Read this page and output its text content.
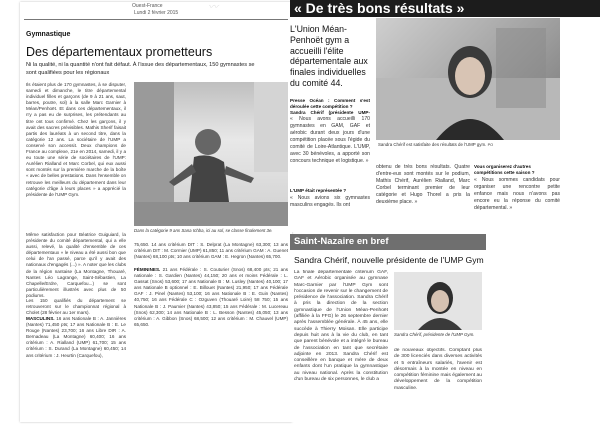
Ouest-France	〰
Lundi 2 février 2015
Gymnastique
Des départementaux prometteurs

Ni la qualité, ni la quantité n'ont fait défaut. À l'issue des départementaux, 150 gymnastes se sont qualifiées pour les régionaux

Ils étaient plus de 170 gymnastes, à se disputer, samedi et dimanche, le titre départemental individuel filles et garçons (de 9 à 21 ans, saut, barres, poutre, sol) à la salle Marc Garnier à Méan/Penhoët. Et dans ces départementaux, il n'y a pas eu de surprises, les prétendants au titre ont tous confirmé. Chez les garçons, il y avait des sacres prévisibles. Mathis Sherif faisait partis des lauréats à un second titre, dans la catégorie 12 ans. La sociétaire de l'UMP a conservé son accessit. Deux champions de France au complexe, 21e en 2014, samedi, il y a eu toute une série de sociétaires de l'UMP: Aurélien Rialland et Marc Corbel, qui eux aussi sont montés sur la première marche de la boîte « avec de belles prestations. Dans l'ensemble on retrouve les meilleurs du département dans leur catégorie d'âge à leurs places » a apprécié la présidente de l'UMP Gym.

Même satisfaction pour Béatrice Guiguiard, la présidente du comité départemental, qui a elle aussi, relevé, la qualité d'ensemble de ces départementaux « le niveau a été aussi bon que celui de l'an passé, parce qu'il y avait des nationaux d'engagés (...) ». A noter que les clubs de la région nantaise (La Montagne, Thouaré, Nantes Léo Lagrange, Saint-Sébastien, La Chapelle/Erdre, Carquefou...) se sont particulièrement illustrés avec plus de 50 podiums.

Les 150 qualifiés du département se retrouveront sur le championnat régional à Cholet (28 février au 1er mars).

MASCULINS. 16 ans Nationale B : A. Jannières (Nantes) 71,450 pts; 17 ans Nationale B : E. Le Rouge (Nantes) 23,700; 16 ans Libre DIR : A. Bernadeau (La Montagne) 60,400; 16 ans critérium : A. Rialland (UMP) 61,700; 15 ans critérium : S. Durand (La Montagne) 60,450; 14 ans critérium : J. Heurtin (Carquefou),

Dans la catégorie 9 ans Sana Ichba, ici au sol, se classe finalement 3e.

75,650. 14 ans critérium DIT : S. Delprat (La Montagne) 63,300; 13 ans critérium DIT : M. Cormier (UMP) 61,850; 11 ans critérium GAM : A. Guenet (Nantes) 68,100 pts; 10 ans critérium GAM : E. Hegron (Nantes) 65,700.

FÉMININES. 21 ans Fédérale : S. Couturier (Snos) 68,400 pts; 21 ans nationale : S. Gardien (Nantes) 44,150; 20 ans et moins Fédérale : L. Gassat (Snos) 53,600; 17 ans Nationale B : M. Lusley (Nantes) 40,100; 17 ans Nationale B optionnel : E. Billouet (Nantes) 21,950; 17 ans Fédérale GAF : J. Pinel (Nantes) 53,100; 16 ans Nationale B : E. Guin (Nantes) 40,750; 16 ans Fédérale C : Ozguven (Thouaré Loire) 58 750; 15 ans Nationale B : J. Paumier (Nantes) 43,850; 15 ans Fédérale : M. Lucereau (Snos) 62,300; 14 ans Nationale B : L. Besson (Nantes) 45,050; 13 ans critérium : A. Gibbon (Snos) 68,500; 12 ans critérium : M. Chauvel (UMP) 65,650.

« De très bons résultats »

L'Union Méan-Penhoët gym a accueilli l'élite départementale aux finales individuelles du comité 44.

Sandra Chérif est satisfaite des résultats de l'UMP gym. PO

Presse Océan : Comment s'est déroulée cette compétition ?

Sandra Chérif (présidente UMP-

« Nous avons accueilli 170 gymnastes en GAM, GAF et aérobic durant deux jours d'une compétition placée sous l'égide du comité de Loire-Atlantique. L'UMP, avec 30 bénévoles, a apporté son concours technique et logistique. »

L'UMP était représentée ?

« Nous avions six gymnastes masculins engagés. Ils ont

obtenu de très bons résultats. Quatre d'entre-eux sont montés sur le podium, Mathis Chérif, Aurélien Rialland, Marc Corbel terminant premier de leur catégorie et Hugo Thorel a pris la deuxième place. »

Vous organiserez d'autres compétitions cette saison ?

« Nous sommes candidats pour organiser une rencontre petite enfance mais nous n'avons pas encore eu la réponse du comité départemental. »

Saint-Nazaire en bref
Sandra Chérif, nouvelle présidente de l'UMP Gym

La finale départementale critérium GAF, GAF et Aérobic organisée au gymnase Marc-Garnier par l'UMP Gym sont l'occasion de revenir sur le changement de présidence de l'association. Sandra Chérif à pris la direction de la section gymnastique de l'Union Méan-Penhoët (affiliée à la FFG) le 26 septembre dernier après l'assemblée générale. À 45 ans, elle succède à Thierry Moisan. Elle participe depuis huit ans à la vie du club, en tant que parent bénévole et a intégré le bureau de l'association en tant que secrétaire adjointe en 2013. Sandra Chérif est conseillère en banque et mère de deux enfants dont l'un pratique la gymnastique au niveau national. Après la constitution d'un bureau de six personnes, le club a

Sandra Chérif, présidente de l'UMP Gym.

de nouveaux objectifs. Comptant plus de 300 licenciés dans diverses activités et 5 entraîneurs salariés, l'avenir est désormais à la montée en niveau en compétition féminine mais également au développement de la compétition masculine.
